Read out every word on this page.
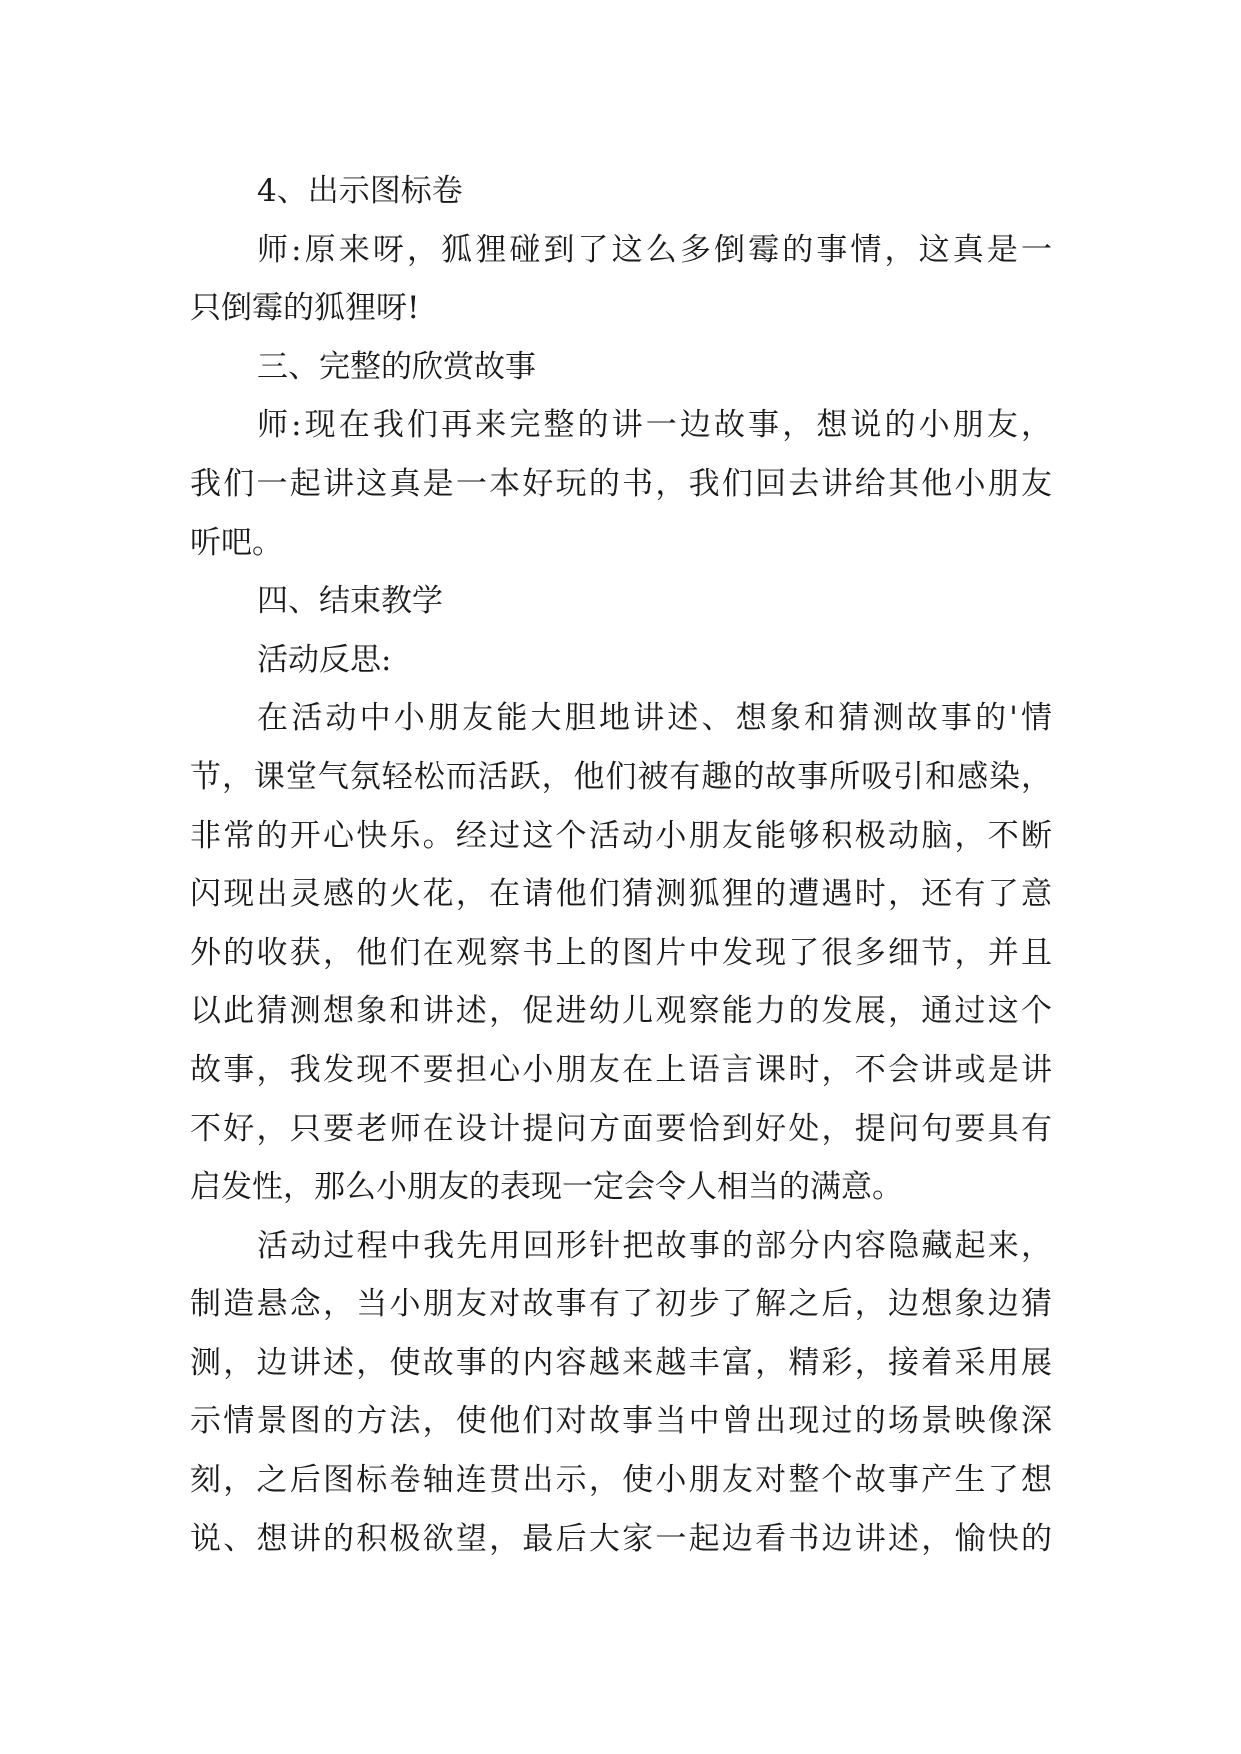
4、出示图标卷
师:原来呀，狐狸碰到了这么多倒霉的事情，这真是一
只倒霉的狐狸呀!
三、完整的欣赏故事
师:现在我们再来完整的讲一边故事，想说的小朋友，
我们一起讲这真是一本好玩的书，我们回去讲给其他小朋友
听吧。
四、结束教学
活动反思:
在活动中小朋友能大胆地讲述、想象和猜测故事的'情
节，课堂气氛轻松而活跃，他们被有趣的故事所吸引和感染，
非常的开心快乐。经过这个活动小朋友能够积极动脑，不断
闪现出灵感的火花，在请他们猜测狐狸的遭遇时，还有了意
外的收获，他们在观察书上的图片中发现了很多细节，并且
以此猜测想象和讲述，促进幼儿观察能力的发展，通过这个
故事，我发现不要担心小朋友在上语言课时，不会讲或是讲
不好，只要老师在设计提问方面要恰到好处，提问句要具有
启发性，那么小朋友的表现一定会令人相当的满意。
活动过程中我先用回形针把故事的部分内容隐藏起来，
制造悬念，当小朋友对故事有了初步了解之后，边想象边猜
测，边讲述，使故事的内容越来越丰富，精彩，接着采用展
示情景图的方法，使他们对故事当中曾出现过的场景映像深
刻，之后图标卷轴连贯出示，使小朋友对整个故事产生了想
说、想讲的积极欲望，最后大家一起边看书边讲述，愉快的
